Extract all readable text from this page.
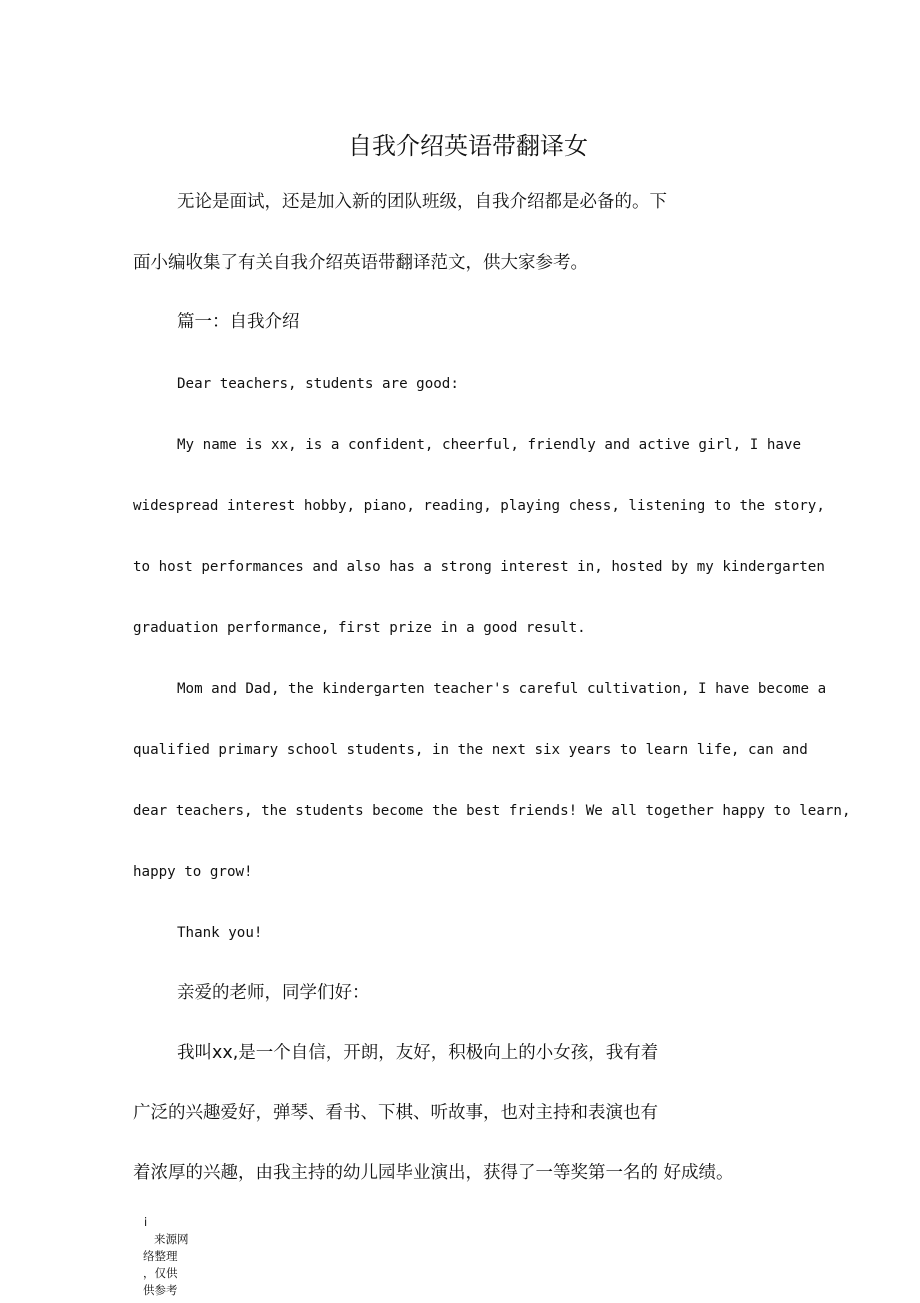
自我介绍英语带翻译女
无论是面试，还是加入新的团队班级，自我介绍都是必备的。下
面小编收集了有关自我介绍英语带翻译范文，供大家参考。
篇一：自我介绍
Dear teachers, students are good:
My name is xx, is a confident, cheerful, friendly and active girl, I have
widespread interest hobby, piano, reading, playing chess, listening to the story,
to host performances and also has a strong interest in, hosted by my kindergarten
graduation performance, first prize in a good result.
Mom and Dad, the kindergarten teacher's careful cultivation, I have become a
qualified primary school students, in the next six years to learn life, can and
dear teachers, the students become the best friends! We all together happy to learn,
happy to grow!
Thank you!
亲爱的老师，同学们好：
我叫xx,是一个自信，开朗，友好，积极向上的小女孩，我有着
广泛的兴趣爱好，弹琴、看书、下棋、听故事，也对主持和表演也有
着浓厚的兴趣，由我主持的幼儿园毕业演出，获得了一等奖第一名的 好成绩。
i
来源网
络整理
，仅供
供参考
